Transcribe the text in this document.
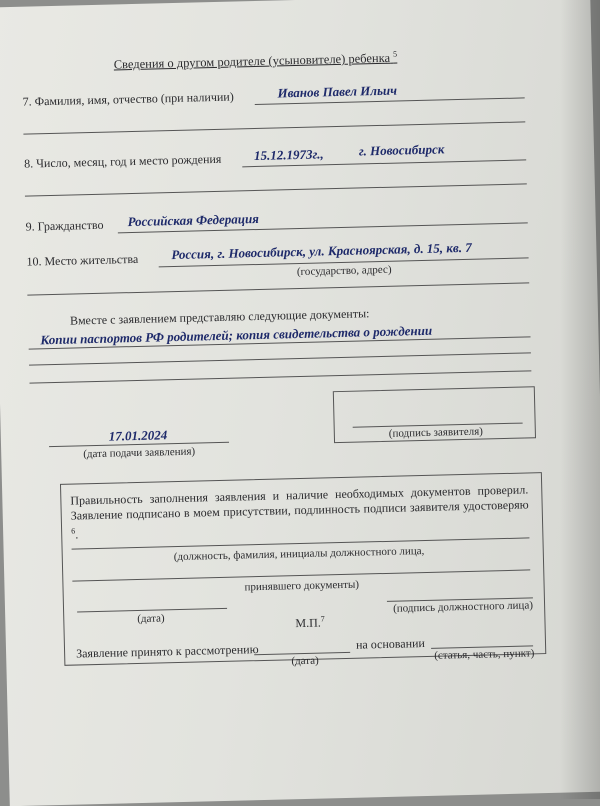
Сведения о другом родителе (усыновителе) ребенка $^5$
7. Фамилия, имя, отчество (при наличии)	Иванов Павел Ильич
8. Число, месяц, год и место рождения 15.12.1973г.,	г. Новосибирск
9. Гражданство Российская Федерация
10. Место жительства	Россия, г. Новосибирск, ул. Красноярская, д. 15, кв. 7
(государство, адрес)
Вместе с заявлением представляю следующие документы:
Копии паспортов РФ родителей; копия свидетельства о рождении
17.01.2024
(дата подачи заявления)
(подпись заявителя)
Правильность заполнения заявления и наличие необходимых документов проверил. Заявление подписано в моем присутствии, подлинность подписи заявителя удостоверяю $^6$.
(должность, фамилия, инициалы должностного лица,
принявшего документы)
(дата)
(подпись должностного лица)
М.П.$^7$
Заявление принято к рассмотрению
(дата)
на основании
(статья, часть, пункт)
